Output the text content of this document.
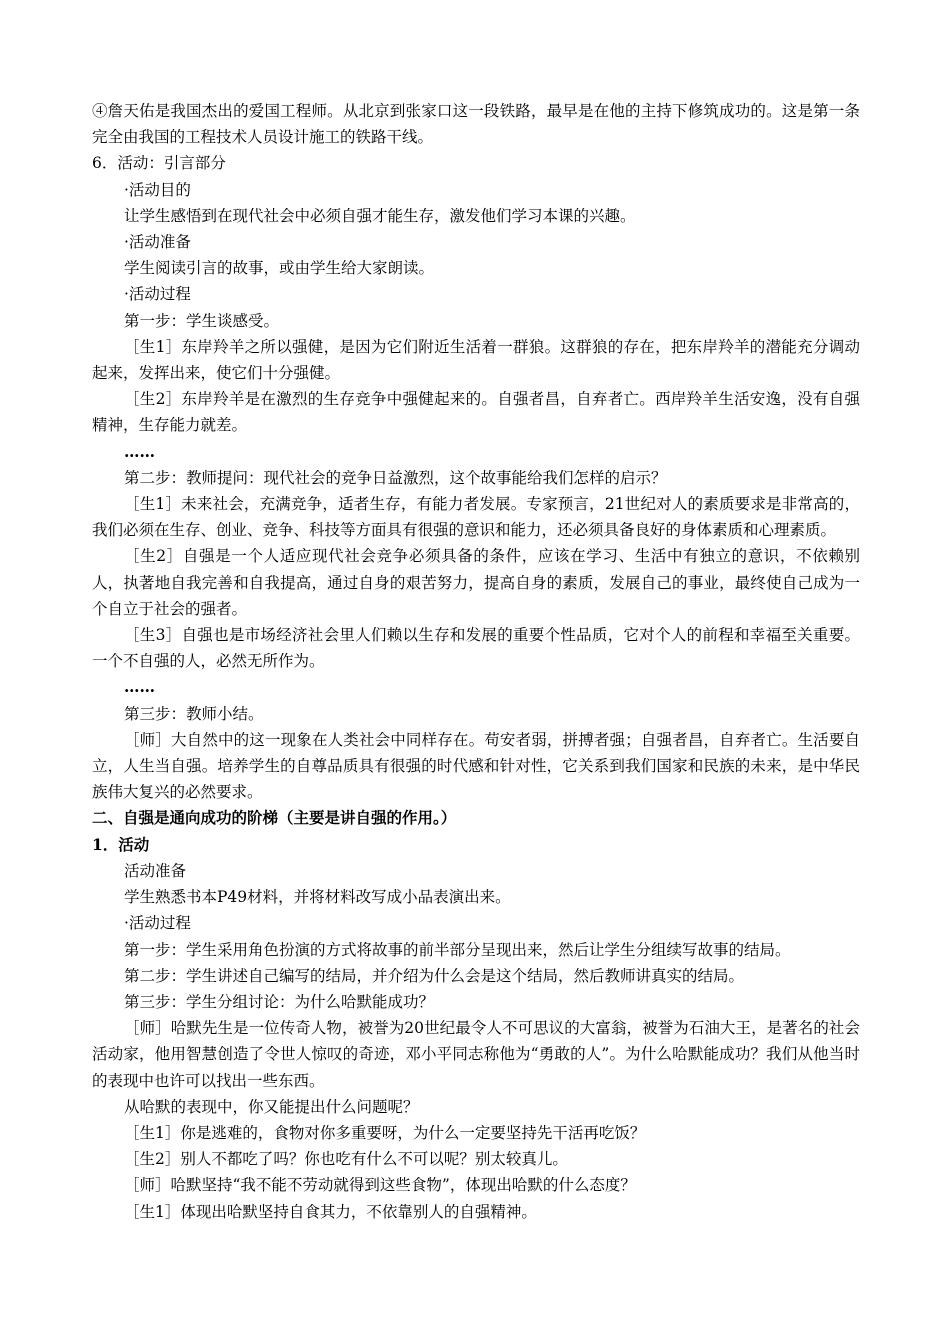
④詹天佑是我国杰出的爱国工程师。从北京到张家口这一段铁路，最早是在他的主持下修筑成功的。这是第一条完全由我国的工程技术人员设计施工的铁路干线。

6．活动：引言部分

·活动目的

让学生感悟到在现代社会中必须自强才能生存，激发他们学习本课的兴趣。

·活动准备

学生阅读引言的故事，或由学生给大家朗读。

·活动过程

第一步：学生谈感受。

［生1］东岸羚羊之所以强健，是因为它们附近生活着一群狼。这群狼的存在，把东岸羚羊的潜能充分调动起来，发挥出来，使它们十分强健。

［生2］东岸羚羊是在激烈的生存竞争中强健起来的。自强者昌，自弃者亡。西岸羚羊生活安逸，没有自强精神，生存能力就差。

……

第二步：教师提问：现代社会的竞争日益激烈，这个故事能给我们怎样的启示？

［生1］未来社会，充满竞争，适者生存，有能力者发展。专家预言，21世纪对人的素质要求是非常高的，我们必须在生存、创业、竞争、科技等方面具有很强的意识和能力，还必须具备良好的身体素质和心理素质。

［生2］自强是一个人适应现代社会竞争必须具备的条件，应该在学习、生活中有独立的意识，不依赖别人，执著地自我完善和自我提高，通过自身的艰苦努力，提高自身的素质，发展自己的事业，最终使自己成为一个自立于社会的强者。

［生3］自强也是市场经济社会里人们赖以生存和发展的重要个性品质，它对个人的前程和幸福至关重要。一个不自强的人，必然无所作为。

……

第三步：教师小结。

［师］大自然中的这一现象在人类社会中同样存在。苟安者弱，拼搏者强；自强者昌，自弃者亡。生活要自立，人生当自强。培养学生的自尊品质具有很强的时代感和针对性，它关系到我们国家和民族的未来，是中华民族伟大复兴的必然要求。

二、自强是通向成功的阶梯（主要是讲自强的作用。）

1．活动

活动准备

学生熟悉书本P49材料，并将材料改写成小品表演出来。

·活动过程

第一步：学生采用角色扮演的方式将故事的前半部分呈现出来，然后让学生分组续写故事的结局。

第二步：学生讲述自己编写的结局，并介绍为什么会是这个结局，然后教师讲真实的结局。

第三步：学生分组讨论：为什么哈默能成功？

［师］哈默先生是一位传奇人物，被誉为20世纪最令人不可思议的大富翁，被誉为石油大王，是著名的社会活动家，他用智慧创造了令世人惊叹的奇迹，邓小平同志称他为“勇敢的人”。为什么哈默能成功？我们从他当时的表现中也许可以找出一些东西。

从哈默的表现中，你又能提出什么问题呢？

［生1］你是逃难的，食物对你多重要呀，为什么一定要坚持先干活再吃饭？

［生2］别人不都吃了吗？你也吃有什么不可以呢？别太较真儿。

［师］哈默坚持“我不能不劳动就得到这些食物”，体现出哈默的什么态度？

［生1］体现出哈默坚持自食其力，不依靠别人的自强精神。
